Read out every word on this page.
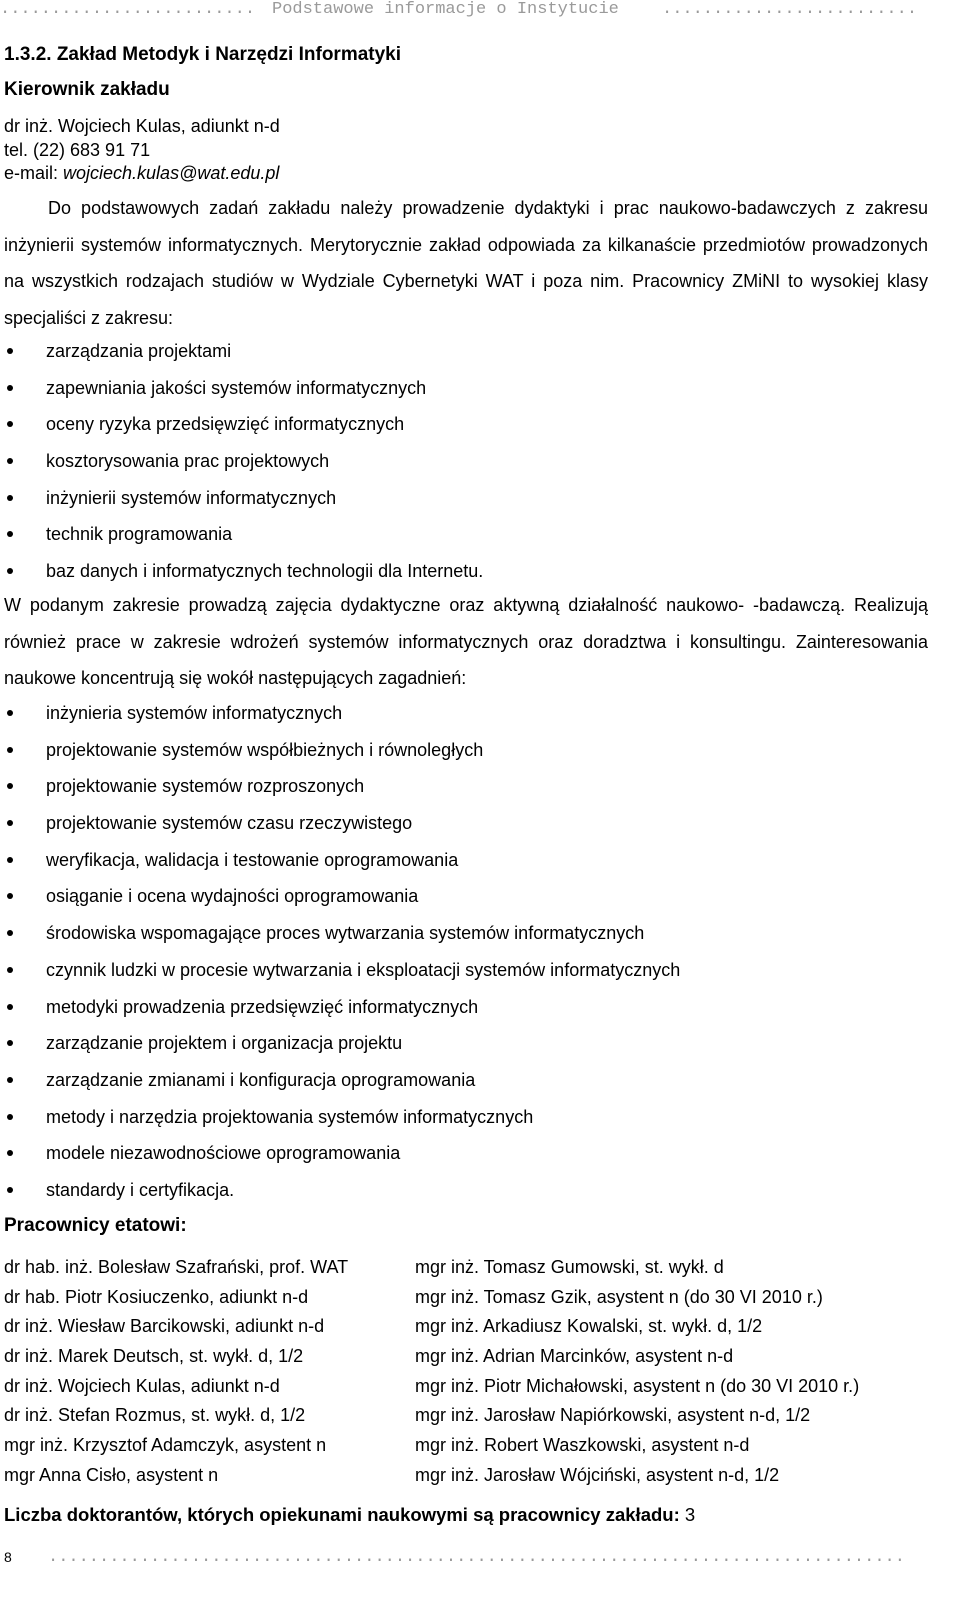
......................... Podstawowe informacje o Instytucie	.........................
1.3.2. Zakład Metodyk i Narzędzi Informatyki
Kierownik zakładu
dr inż. Wojciech Kulas, adiunkt n-d
tel. (22) 683 91 71
e-mail: wojciech.kulas@wat.edu.pl

Do podstawowych zadań zakładu należy prowadzenie dydaktyki i prac naukowo-badawczych z zakresu inżynierii systemów informatycznych. Merytorycznie zakład odpowiada za kilkanaście przedmiotów prowadzonych na wszystkich rodzajach studiów w Wydziale Cybernetyki WAT i poza nim. Pracownicy ZMiNI to wysokiej klasy specjaliści z zakresu:

zarządzania projektami
zapewniania jakości systemów informatycznych
oceny ryzyka przedsięwzięć informatycznych
kosztorysowania prac projektowych
inżynierii systemów informatycznych
technik programowania
baz danych i informatycznych technologii dla Internetu.

W podanym zakresie prowadzą zajęcia dydaktyczne oraz aktywną działalność naukowo- -badawczą. Realizują również prace w zakresie wdrożeń systemów informatycznych oraz doradztwa i konsultingu. Zainteresowania naukowe koncentrują się wokół następujących zagadnień:

inżynieria systemów informatycznych
projektowanie systemów współbieżnych i równoległych
projektowanie systemów rozproszonych
projektowanie systemów czasu rzeczywistego
weryfikacja, walidacja i testowanie oprogramowania
osiąganie i ocena wydajności oprogramowania
środowiska wspomagające proces wytwarzania systemów informatycznych
czynnik ludzki w procesie wytwarzania i eksploatacji systemów informatycznych
metodyki prowadzenia przedsięwzięć informatycznych
zarządzanie projektem i organizacja projektu
zarządzanie zmianami i konfiguracja oprogramowania
metody i narzędzia projektowania systemów informatycznych
modele niezawodnościowe oprogramowania
standardy i certyfikacja.
Pracownicy etatowi:
dr hab. inż. Bolesław Szafrański, prof. WAT
dr hab. Piotr Kosiuczenko, adiunkt n-d
dr inż. Wiesław Barcikowski, adiunkt n-d
dr inż. Marek Deutsch, st. wykł. d, 1/2
dr inż. Wojciech Kulas, adiunkt n-d
dr inż. Stefan Rozmus, st. wykł. d, 1/2
mgr inż. Krzysztof Adamczyk, asystent n
mgr Anna Cisło, asystent n
mgr inż. Tomasz Gumowski, st. wykł. d
mgr inż. Tomasz Gzik, asystent n (do 30 VI 2010 r.)
mgr inż. Arkadiusz Kowalski, st. wykł. d, 1/2
mgr inż. Adrian Marcinków, asystent n-d
mgr inż. Piotr Michałowski, asystent n (do 30 VI 2010 r.)
mgr inż. Jarosław Napiórkowski, asystent n-d, 1/2
mgr inż. Robert Waszkowski, asystent n-d
mgr inż. Jarosław Wójciński, asystent n-d, 1/2
Liczba doktorantów, których opiekunami naukowymi są pracownicy zakładu: 3
8 ....................................................................................
